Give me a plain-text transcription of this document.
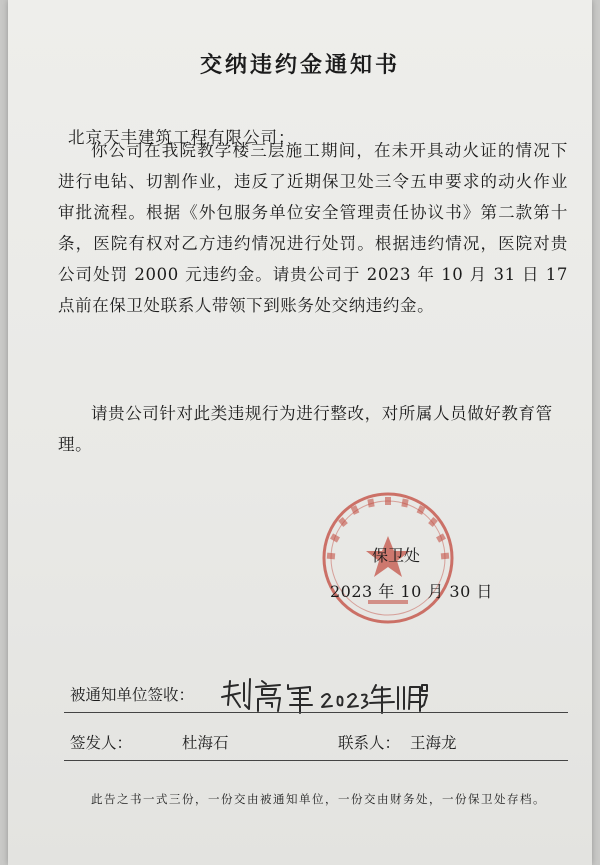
交纳违约金通知书
北京天丰建筑工程有限公司：
你公司在我院教学楼三层施工期间，在未开具动火证的情况下进行电钻、切割作业，违反了近期保卫处三令五申要求的动火作业审批流程。根据《外包服务单位安全管理责任协议书》第二款第十条，医院有权对乙方违约情况进行处罚。根据违约情况，医院对贵公司处罚 2000 元违约金。请贵公司于 2023 年 10 月 31 日 17 点前在保卫处联系人带领下到账务处交纳违约金。
请贵公司针对此类违规行为进行整改，对所属人员做好教育管理。
保卫处
2023 年 10 月 30 日
被通知单位签收：
签发人：	杜海石	联系人： 王海龙
此告之书一式三份，一份交由被通知单位，一份交由财务处，一份保卫处存档。
